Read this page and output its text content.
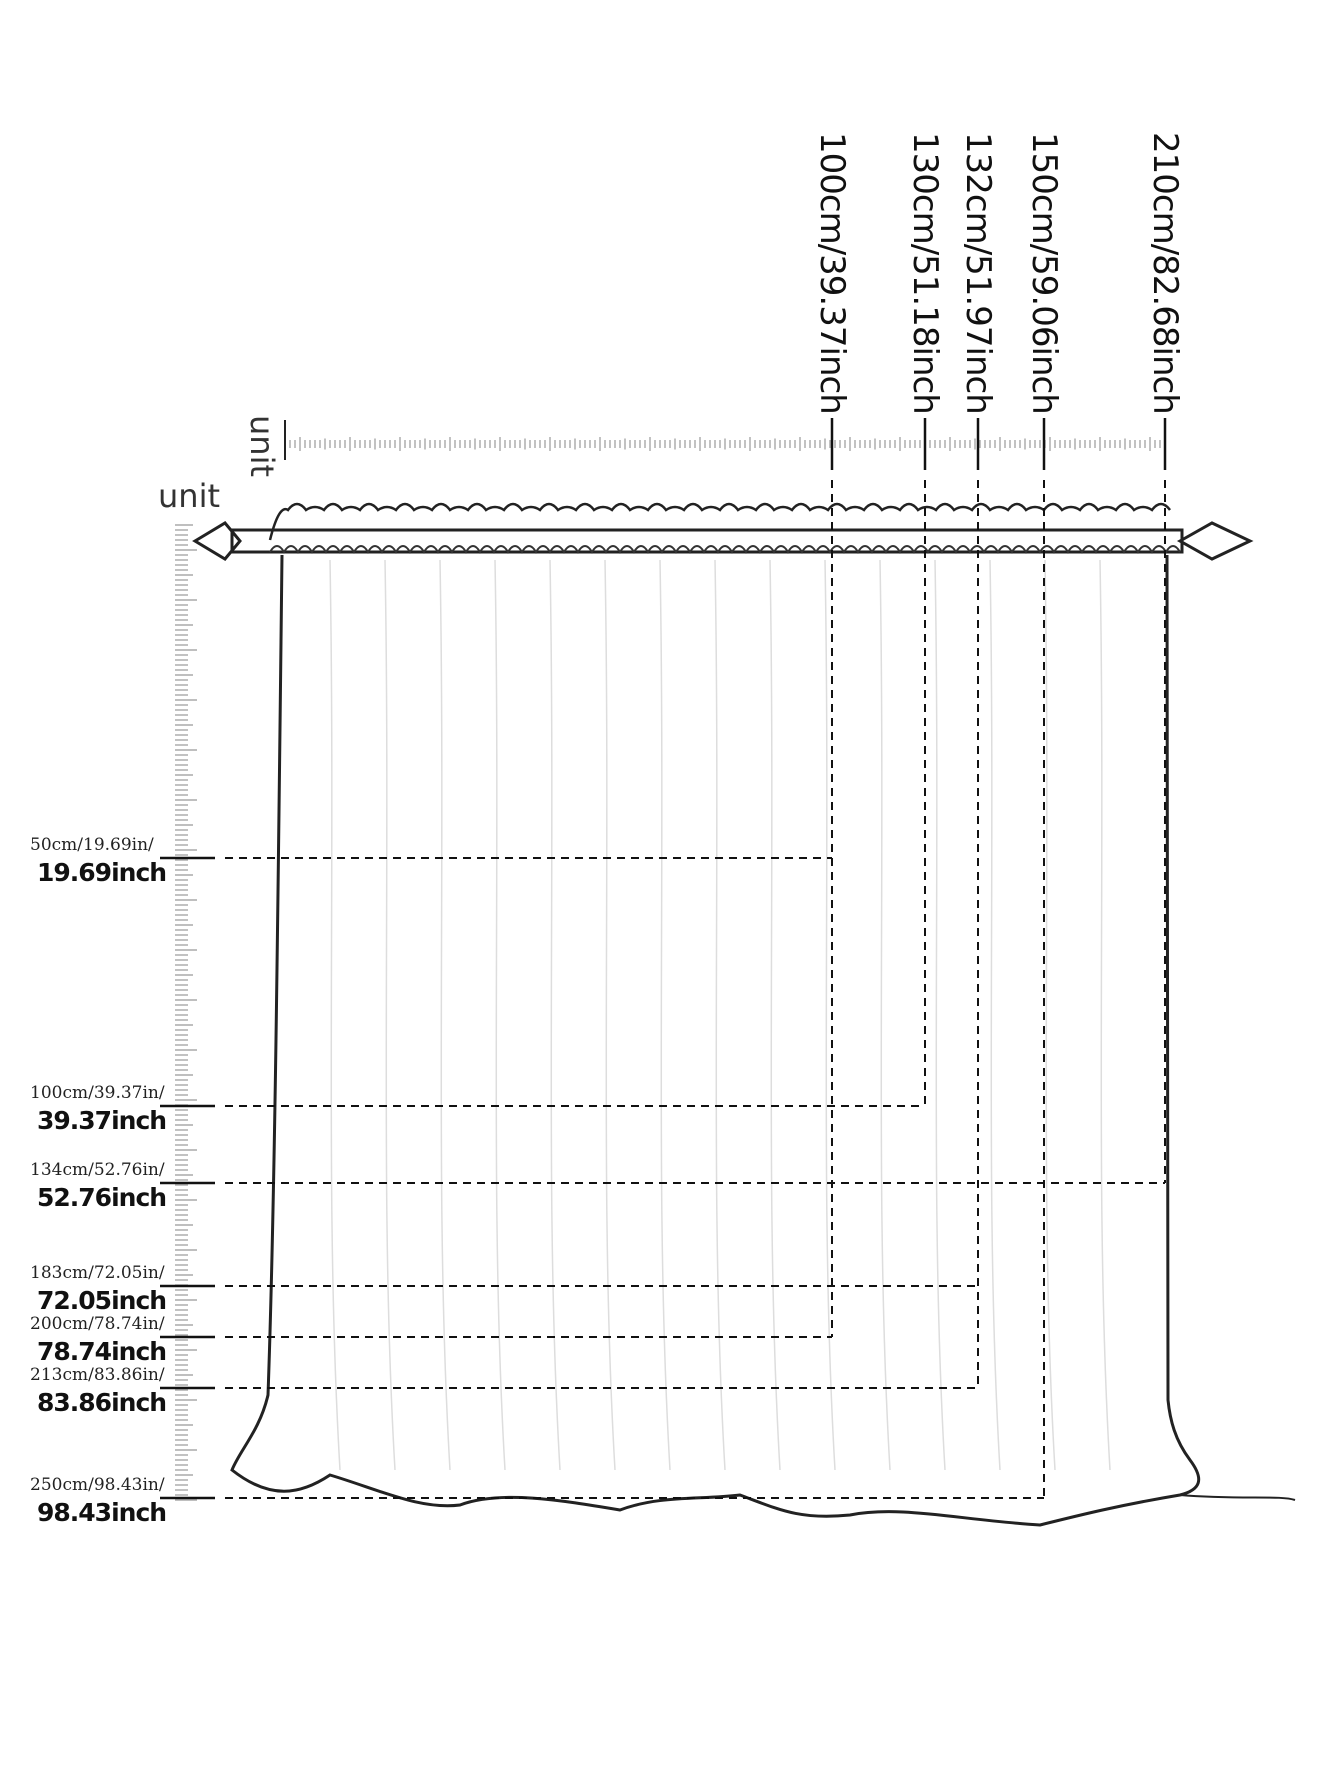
unit
unit
100cm/39.37inch 130cm/51.18inch 132cm/51.97inch 150cm/59.06inch 210cm/82.68inch
50cm/19.69in/
19.69inch
100cm/39.37in/
39.37inch
134cm/52.76in/
52.76inch
183cm/72.05in/
72.05inch
200cm/78.74in/
78.74inch
213cm/83.86in/
83.86inch
250cm/98.43in/
98.43inch
